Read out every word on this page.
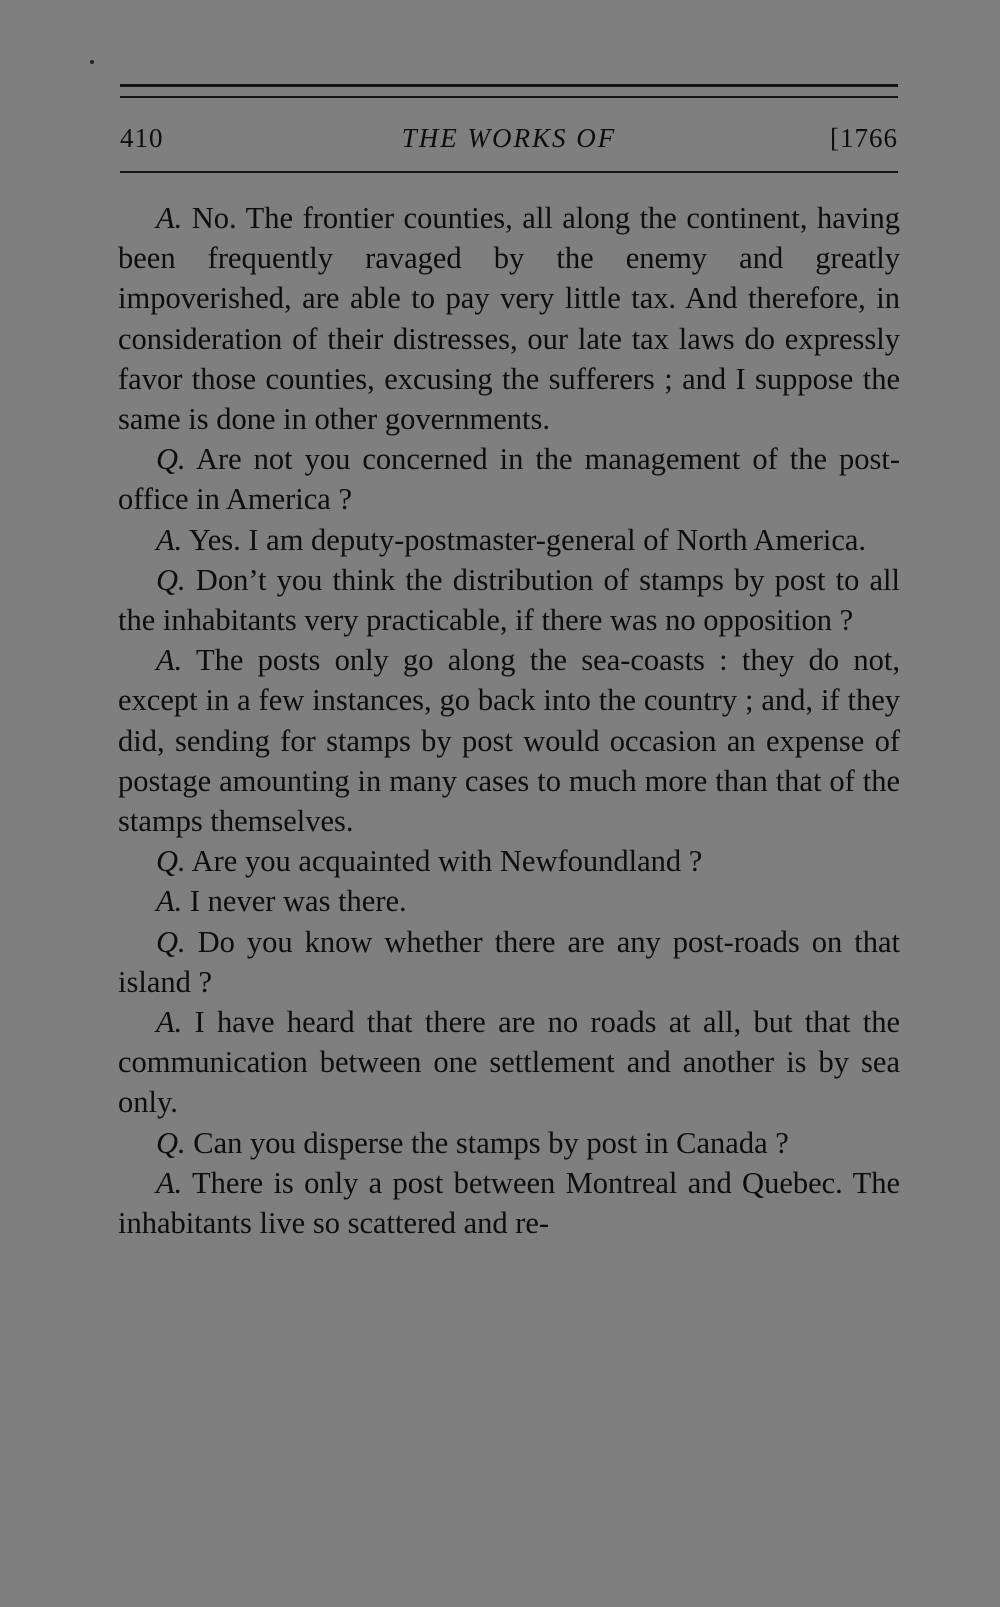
410	THE WORKS OF	[1766

A. No. The frontier counties, all along the continent, having been frequently ravaged by the enemy and greatly impoverished, are able to pay very little tax. And therefore, in consideration of their distresses, our late tax laws do expressly favor those counties, excusing the sufferers ; and I suppose the same is done in other governments.

Q. Are not you concerned in the management of the post-office in America ?

A. Yes. I am deputy-postmaster-general of North America.

Q. Don’t you think the distribution of stamps by post to all the inhabitants very practicable, if there was no opposition ?

A. The posts only go along the sea-coasts : they do not, except in a few instances, go back into the country ; and, if they did, sending for stamps by post would occasion an expense of postage amounting in many cases to much more than that of the stamps themselves.

Q. Are you acquainted with Newfoundland ?

A. I never was there.

Q. Do you know whether there are any post-roads on that island ?

A. I have heard that there are no roads at all, but that the communication between one settlement and another is by sea only.

Q. Can you disperse the stamps by post in Canada ?

A. There is only a post between Montreal and Quebec. The inhabitants live so scattered and re-
